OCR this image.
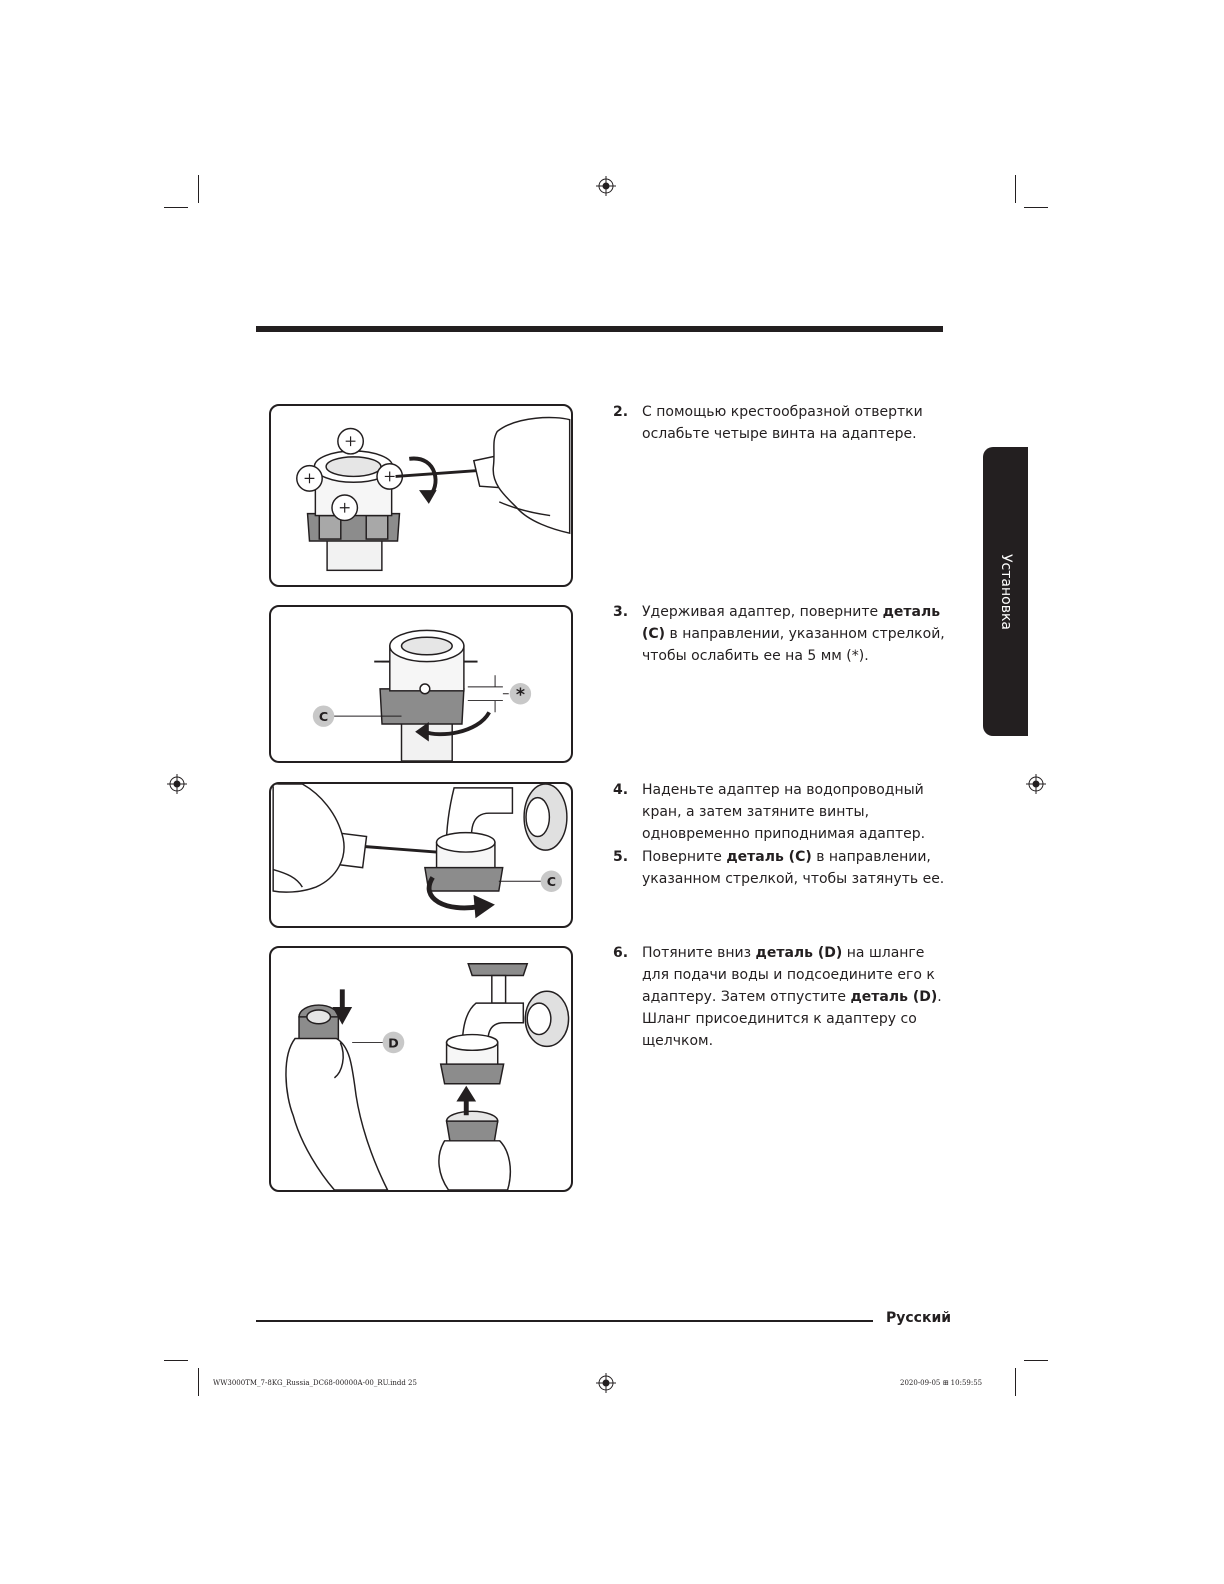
Установка
C
*
C
D
2. С помощью крестообразной отвертки ослабьте четыре винта на адаптере.
3. Удерживая адаптер, поверните деталь (C) в направлении, указанном стрелкой, чтобы ослабить ее на 5 мм (*).
4. Наденьте адаптер на водопроводный кран, а затем затяните винты, одновременно приподнимая адаптер.
5. Поверните деталь (C) в направлении, указанном стрелкой, чтобы затянуть ее.
6. Потяните вниз деталь (D) на шланге для подачи воды и подсоедините его к адаптеру. Затем отпустите деталь (D). Шланг присоединится к адаптеру со щелчком.
Русский
WW3000TM_7-8KG_Russia_DC68-00000A-00_RU.indd 25	2020-09-05 ⊞ 10:59:55
